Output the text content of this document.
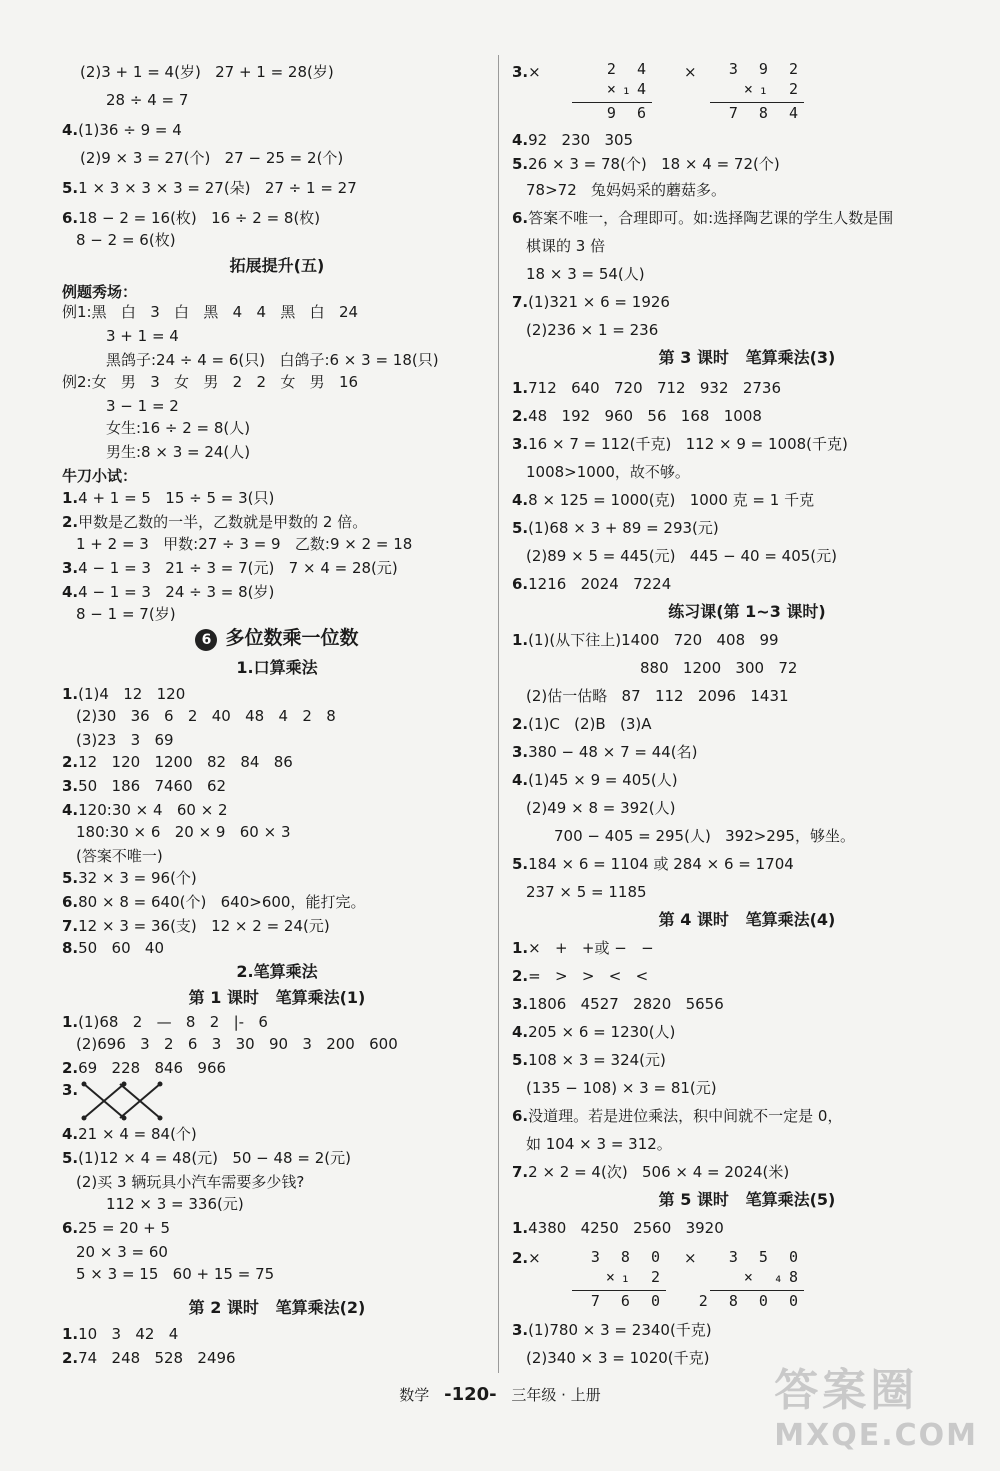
(2)3 + 1 = 4(岁)   27 + 1 = 28(岁)
28 ÷ 4 = 7
4.(1)36 ÷ 9 = 4
(2)9 × 3 = 27(个)   27 − 25 = 2(个)
5.1 × 3 × 3 × 3 = 27(朵)   27 ÷ 1 = 27
6.18 − 2 = 16(枚)   16 ÷ 2 = 8(枚)
8 − 2 = 6(枚)
拓展提升(五)
例题秀场：
例1:黑   白   3   白   黑   4   4   黑   白   24
3 + 1 = 4
黑鸽子:24 ÷ 4 = 6(只)   白鸽子:6 × 3 = 18(只)
例2:女   男   3   女   男   2   2   女   男   16
3 − 1 = 2
女生:16 ÷ 2 = 8(人)
男生:8 × 3 = 24(人)
牛刀小试：
1.4 + 1 = 5   15 ÷ 5 = 3(只)
2.甲数是乙数的一半，乙数就是甲数的 2 倍。
1 + 2 = 3   甲数:27 ÷ 3 = 9   乙数:9 × 2 = 18
3.4 − 1 = 3   21 ÷ 3 = 7(元)   7 × 4 = 28(元)
4.4 − 1 = 3   24 ÷ 3 = 8(岁)
8 − 1 = 7(岁)
6 多位数乘一位数
1.口算乘法
1.(1)4   12   120
(2)30   36   6   2   40   48   4   2   8
(3)23   3   69
2.12   120   1200   82   84   86
3.50   186   7460   62
4.120:30 × 4   60 × 2
180:30 × 6   20 × 9   60 × 3
(答案不唯一)
5.32 × 3 = 96(个)
6.80 × 8 = 640(个)   640>600，能打完。
7.12 × 3 = 36(支)   12 × 2 = 24(元)
8.50   60   40
2.笔算乘法
第 1 课时   笔算乘法(1)
1.(1)68   2   —   8   2   |-   6
(2)696   3   2   6   3   30   90   3   200   600
2.69   228   846   966
3.
4.21 × 4 = 84(个)
5.(1)12 × 4 = 48(元)   50 − 48 = 2(元)
(2)买 3 辆玩具小汽车需要多少钱?
112 × 3 = 336(元)
6.25 = 20 + 5
20 × 3 = 60
5 × 3 = 15   60 + 15 = 75
第 2 课时   笔算乘法(2)
1.10   3   42   4
2.74   248   528   2496
3.×
4.92   230   305
5.26 × 3 = 78(个)   18 × 4 = 72(个)
78>72   兔妈妈采的蘑菇多。
6.答案不唯一，合理即可。如:选择陶艺课的学生人数是围
棋课的 3 倍
18 × 3 = 54(人)
7.(1)321 × 6 = 1926
(2)236 × 1 = 236
第 3 课时   笔算乘法(3)
1.712   640   720   712   932   2736
2.48   192   960   56   168   1008
3.16 × 7 = 112(千克)   112 × 9 = 1008(千克)
1008>1000，故不够。
4.8 × 125 = 1000(克)   1000 克 = 1 千克
5.(1)68 × 3 + 89 = 293(元)
(2)89 × 5 = 445(元)   445 − 40 = 405(元)
6.1216   2024   7224
练习课(第 1~3 课时)
1.(1)(从下往上)1400   720   408   99
880   1200   300   72
(2)估一估略   87   112   2096   1431
2.(1)C   (2)B   (3)A
3.380 − 48 × 7 = 44(名)
4.(1)45 × 9 = 405(人)
(2)49 × 8 = 392(人)
700 − 405 = 295(人)   392>295，够坐。
5.184 × 6 = 1104 或 284 × 6 = 1704
237 × 5 = 1185
第 4 课时   笔算乘法(4)
1.×   +   +或 −   −
2.=   >   >   <   <
3.1806   4527   2820   5656
4.205 × 6 = 1230(人)
5.108 × 3 = 324(元)
(135 − 108) × 3 = 81(元)
6.没道理。若是进位乘法，积中间就不一定是 0，
如 104 × 3 = 312。
7.2 × 2 = 4(次)   506 × 4 = 2024(米)
第 5 课时   笔算乘法(5)
1.4380   4250   2560   3920
2.×
3.(1)780 × 3 = 2340(千克)
(2)340 × 3 = 1020(千克)
2 4
×₁4
9 6
3 9 2
×₁ 2
7 8 4
×
3 8 0
×₁ 2
7 6 0
3 5 0
× ₄8
2 8 0 0
×
数学 -120- 三年级 · 上册	答案圈
MXQE.COM
